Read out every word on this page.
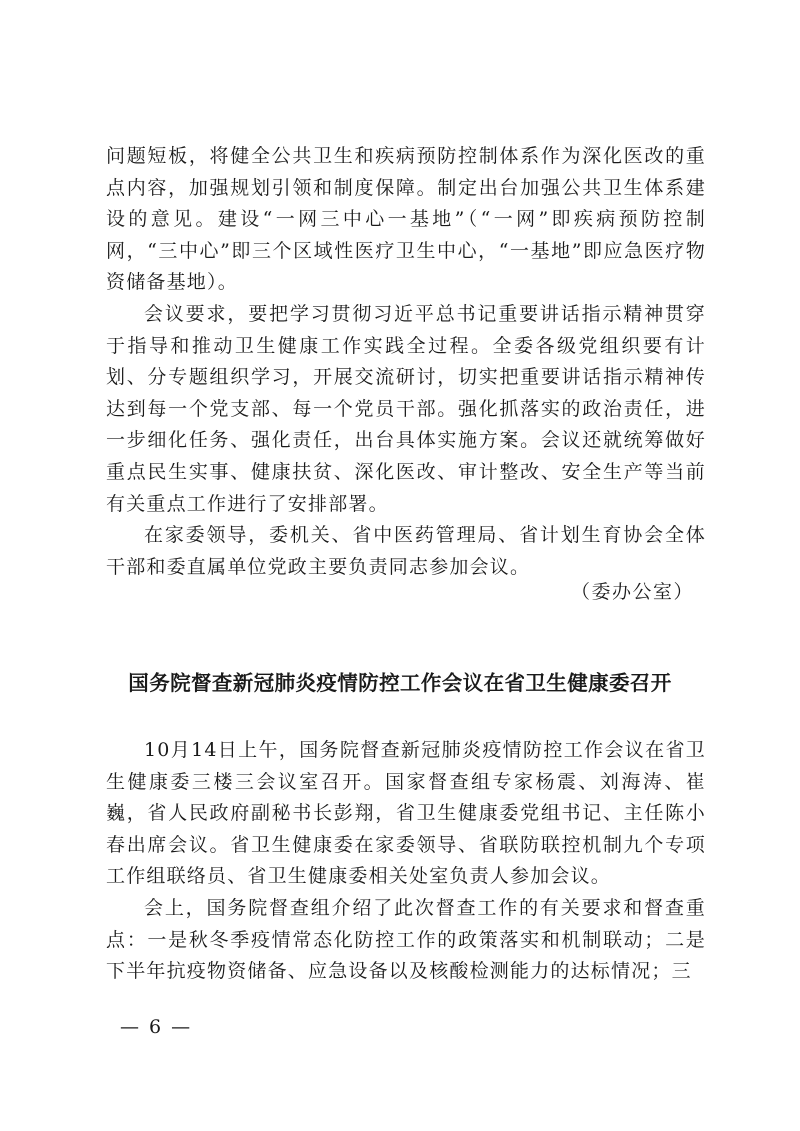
问题短板，将健全公共卫生和疾病预防控制体系作为深化医改的重点内容，加强规划引领和制度保障。制定出台加强公共卫生体系建设的意见。建设“一网三中心一基地”（“一网”即疾病预防控制网，“三中心”即三个区域性医疗卫生中心，“一基地”即应急医疗物资储备基地）。

会议要求，要把学习贯彻习近平总书记重要讲话指示精神贯穿于指导和推动卫生健康工作实践全过程。全委各级党组织要有计划、分专题组织学习，开展交流研讨，切实把重要讲话指示精神传达到每一个党支部、每一个党员干部。强化抓落实的政治责任，进一步细化任务、强化责任，出台具体实施方案。会议还就统筹做好重点民生实事、健康扶贫、深化医改、审计整改、安全生产等当前有关重点工作进行了安排部署。

在家委领导，委机关、省中医药管理局、省计划生育协会全体干部和委直属单位党政主要负责同志参加会议。

（委办公室）
国务院督查新冠肺炎疫情防控工作会议在省卫生健康委召开

10月14日上午，国务院督查新冠肺炎疫情防控工作会议在省卫生健康委三楼三会议室召开。国家督查组专家杨震、刘海涛、崔巍，省人民政府副秘书长彭翔，省卫生健康委党组书记、主任陈小春出席会议。省卫生健康委在家委领导、省联防联控机制九个专项工作组联络员、省卫生健康委相关处室负责人参加会议。

会上，国务院督查组介绍了此次督查工作的有关要求和督查重点：一是秋冬季疫情常态化防控工作的政策落实和机制联动；二是下半年抗疫物资储备、应急设备以及核酸检测能力的达标情况；三

— 6 —
